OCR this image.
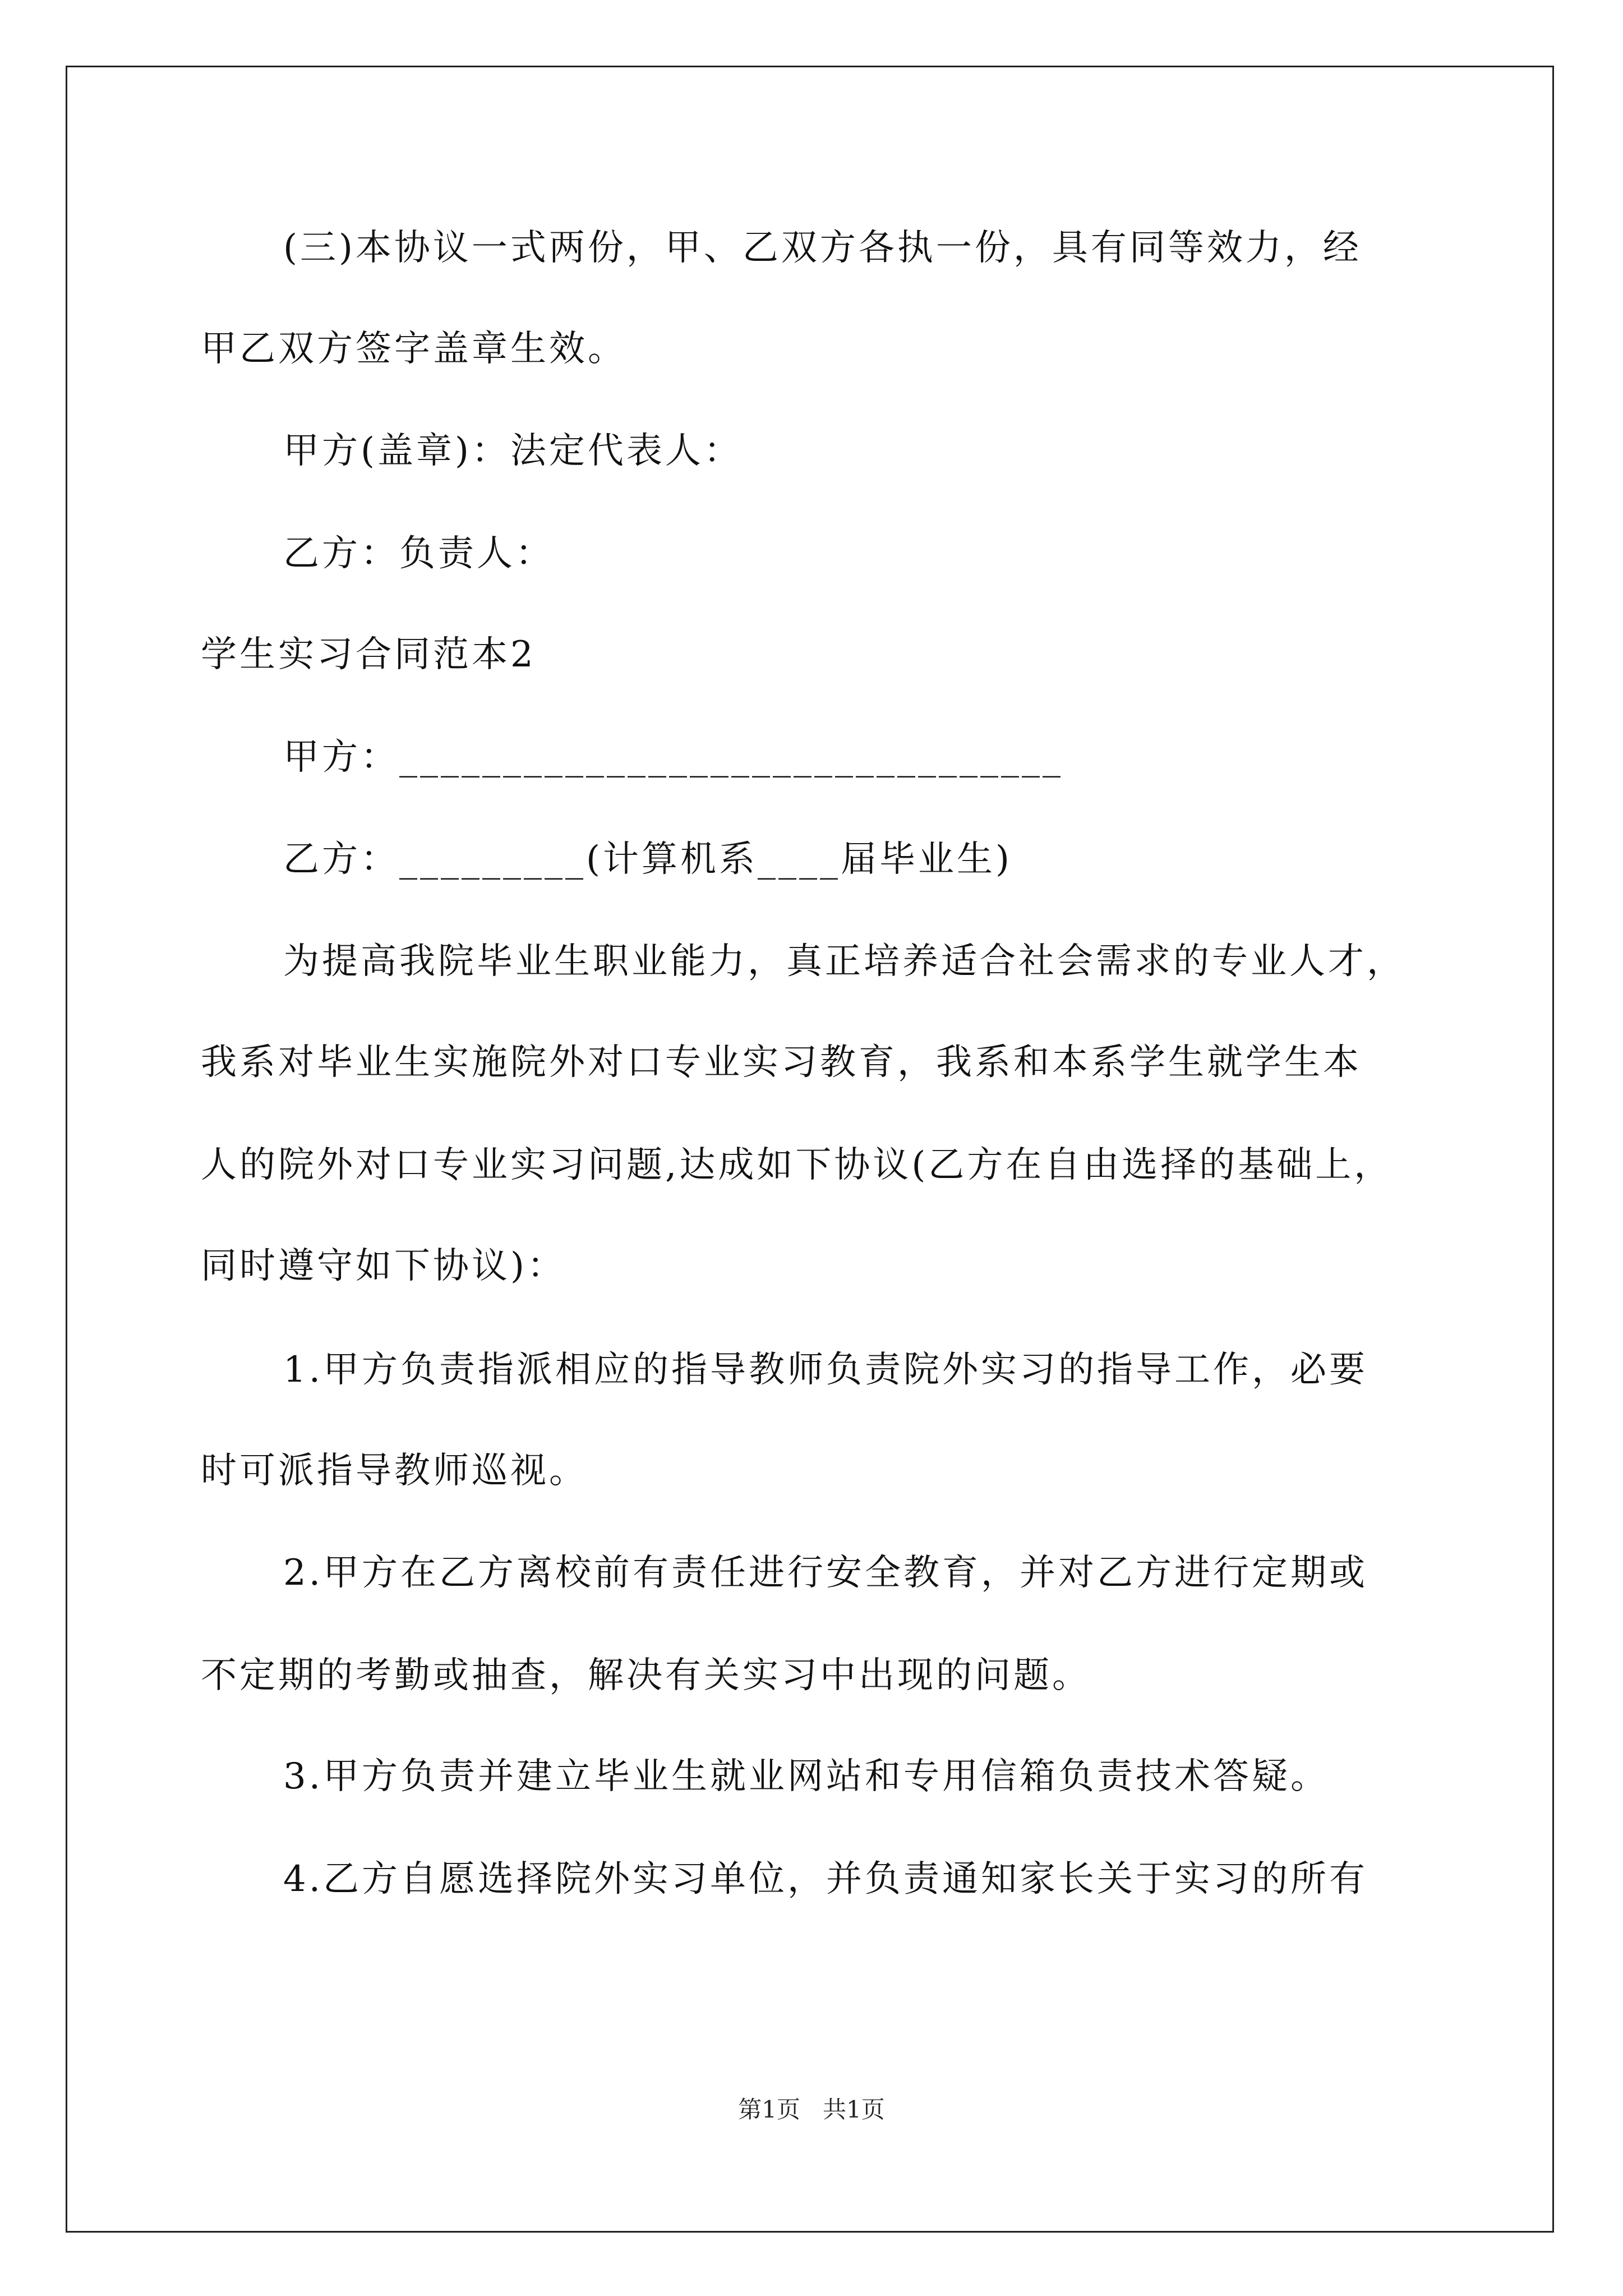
(三)本协议一式两份，甲、乙双方各执一份，具有同等效力，经
甲乙双方签字盖章生效。
甲方(盖章)：法定代表人：
乙方：负责人：
学生实习合同范本2
甲方：________________________________
乙方：_________(计算机系____届毕业生)
为提高我院毕业生职业能力，真正培养适合社会需求的专业人才，
我系对毕业生实施院外对口专业实习教育，我系和本系学生就学生本
人的院外对口专业实习问题,达成如下协议(乙方在自由选择的基础上，
同时遵守如下协议)：
1.甲方负责指派相应的指导教师负责院外实习的指导工作，必要
时可派指导教师巡视。
2.甲方在乙方离校前有责任进行安全教育，并对乙方进行定期或
不定期的考勤或抽查，解决有关实习中出现的问题。
3.甲方负责并建立毕业生就业网站和专用信箱负责技术答疑。
4.乙方自愿选择院外实习单位，并负责通知家长关于实习的所有
第1页   共1页
